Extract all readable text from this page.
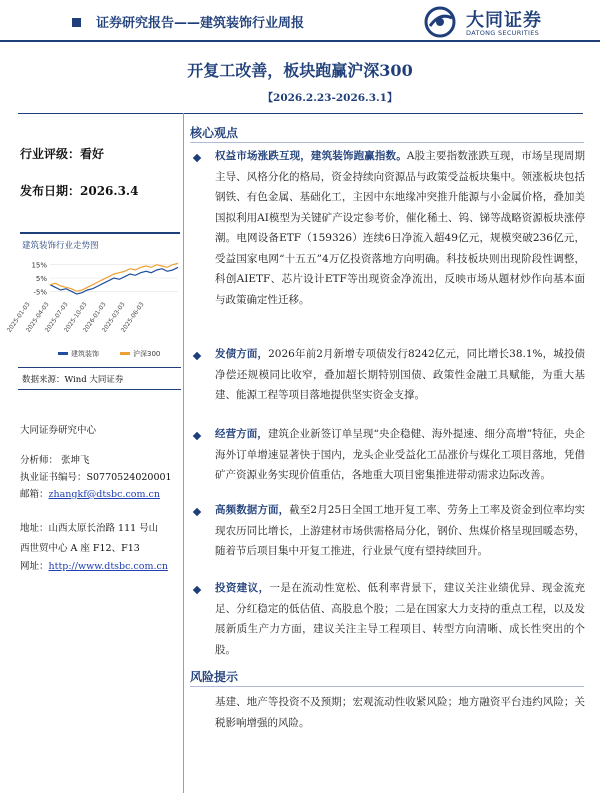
证券研究报告——建筑装饰行业周报	大同证券
DATONG SECURITIES
开复工改善，板块跑赢沪深300
【2026.2.23-2026.3.1】
行业评级：看好
发布日期：2026.3.4
建筑装饰行业走势图
15%
5%
-5%
2025-01-03
2025-04-03
2025-07-03
2025-10-03
2026-01-03
2025-03-03
2025-06-03
建筑装饰	沪深300
数据来源：Wind 大同证券
大同证券研究中心
分析师： 张坤飞
执业证书编号：S0770524020001
邮箱：zhangkf@dtsbc.com.cn
地址：山西太原长治路 111 号山
西世贸中心 A 座 F12、F13
网址：http://www.dtsbc.com.cn
核心观点
权益市场涨跌互现，建筑装饰跑赢指数。A股主要指数涨跌互现，市场呈现周期主导、风格分化的格局，资金持续向资源品与政策受益板块集中。领涨板块包括钢铁、有色金属、基础化工，主因中东地缘冲突推升能源与小金属价格，叠加美国拟利用AI模型为关键矿产设定参考价，催化稀土、钨、锑等战略资源板块涨停潮。电网设备ETF（159326）连续6日净流入超49亿元，规模突破236亿元，受益国家电网“十五五”4万亿投资落地方向明确。科技板块则出现阶段性调整，科创AIETF、芯片设计ETF等出现资金净流出，反映市场从题材炒作向基本面与政策确定性迁移。
发债方面，2026年前2月新增专项债发行8242亿元，同比增长38.1%，城投债净偿还规模同比收窄，叠加超长期特别国债、政策性金融工具赋能，为重大基建、能源工程等项目落地提供坚实资金支撑。
经营方面，建筑企业新签订单呈现“央企稳健、海外提速、细分高增”特征，央企海外订单增速显著快于国内，龙头企业受益化工品涨价与煤化工项目落地，凭借矿产资源业务实现价值重估，各地重大项目密集推进带动需求边际改善。
高频数据方面，截至2月25日全国工地开复工率、劳务上工率及资金到位率均实现农历同比增长，上游建材市场供需格局分化，钢价、焦煤价格呈现回暖态势，随着节后项目集中开复工推进，行业景气度有望持续回升。
投资建议，一是在流动性宽松、低利率背景下，建议关注业绩优异、现金流充足、分红稳定的低估值、高股息个股；二是在国家大力支持的重点工程，以及发展新质生产力方面，建议关注主导工程项目、转型方向清晰、成长性突出的个股。
风险提示
基建、地产等投资不及预期；宏观流动性收紧风险；地方融资平台违约风险；关税影响增强的风险。
